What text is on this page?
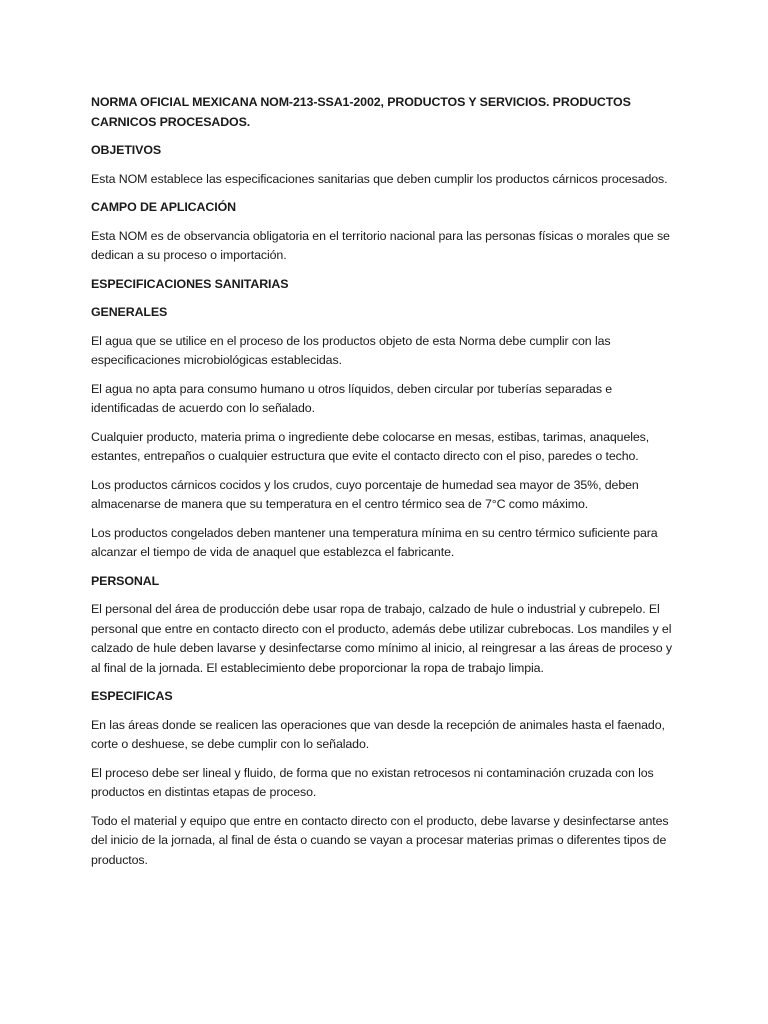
NORMA OFICIAL MEXICANA NOM-213-SSA1-2002, PRODUCTOS Y SERVICIOS. PRODUCTOS CARNICOS PROCESADOS.
OBJETIVOS
Esta NOM establece las especificaciones sanitarias que deben cumplir los productos cárnicos procesados.
CAMPO DE APLICACIÓN
Esta NOM es de observancia obligatoria en el territorio nacional para las personas físicas o morales que se dedican a su proceso o importación.
ESPECIFICACIONES SANITARIAS
GENERALES
El agua que se utilice en el proceso de los productos objeto de esta Norma debe cumplir con las especificaciones microbiológicas establecidas.
El agua no apta para consumo humano u otros líquidos, deben circular por tuberías separadas e identificadas de acuerdo con lo señalado.
Cualquier producto, materia prima o ingrediente debe colocarse en mesas, estibas, tarimas, anaqueles, estantes, entrepaños o cualquier estructura que evite el contacto directo con el piso, paredes o techo.
Los productos cárnicos cocidos y los crudos, cuyo porcentaje de humedad sea mayor de 35%, deben almacenarse de manera que su temperatura en el centro térmico sea de 7°C como máximo.
Los productos congelados deben mantener una temperatura mínima en su centro térmico suficiente para alcanzar el tiempo de vida de anaquel que establezca el fabricante.
PERSONAL
El personal del área de producción debe usar ropa de trabajo, calzado de hule o industrial y cubrepelo. El personal que entre en contacto directo con el producto, además debe utilizar cubrebocas. Los mandiles y el calzado de hule deben lavarse y desinfectarse como mínimo al inicio, al reingresar a las áreas de proceso y al final de la jornada. El establecimiento debe proporcionar la ropa de trabajo limpia.
ESPECIFICAS
En las áreas donde se realicen las operaciones que van desde la recepción de animales hasta el faenado, corte o deshuese, se debe cumplir con lo señalado.
El proceso debe ser lineal y fluido, de forma que no existan retrocesos ni contaminación cruzada con los productos en distintas etapas de proceso.
Todo el material y equipo que entre en contacto directo con el producto, debe lavarse y desinfectarse antes del inicio de la jornada, al final de ésta o cuando se vayan a procesar materias primas o diferentes tipos de productos.
